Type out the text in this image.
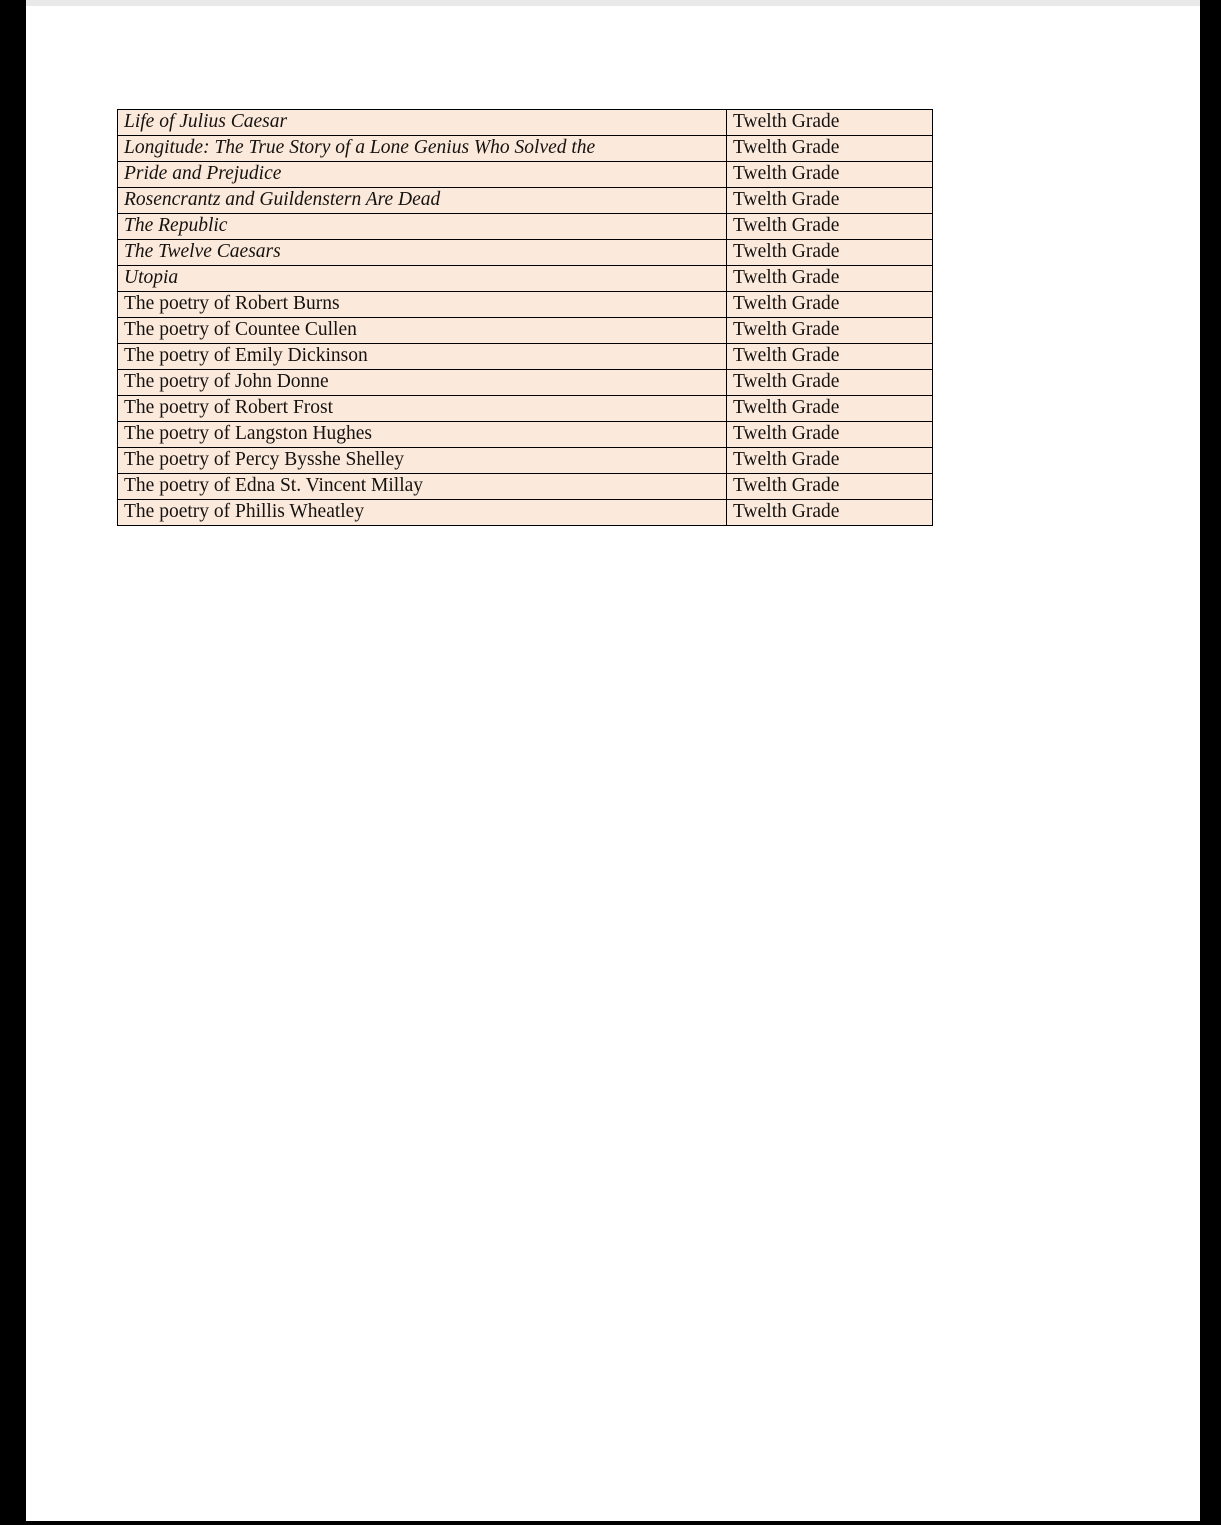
Life of Julius Caesar	Twelth Grade
Longitude: The True Story of a Lone Genius Who Solved the	Twelth Grade
Pride and Prejudice	Twelth Grade
Rosencrantz and Guildenstern Are Dead	Twelth Grade
The Republic	Twelth Grade
The Twelve Caesars	Twelth Grade
Utopia	Twelth Grade
The poetry of Robert Burns	Twelth Grade
The poetry of Countee Cullen	Twelth Grade
The poetry of Emily Dickinson	Twelth Grade
The poetry of John Donne	Twelth Grade
The poetry of Robert Frost	Twelth Grade
The poetry of Langston Hughes	Twelth Grade
The poetry of Percy Bysshe Shelley	Twelth Grade
The poetry of Edna St. Vincent Millay	Twelth Grade
The poetry of Phillis Wheatley	Twelth Grade
